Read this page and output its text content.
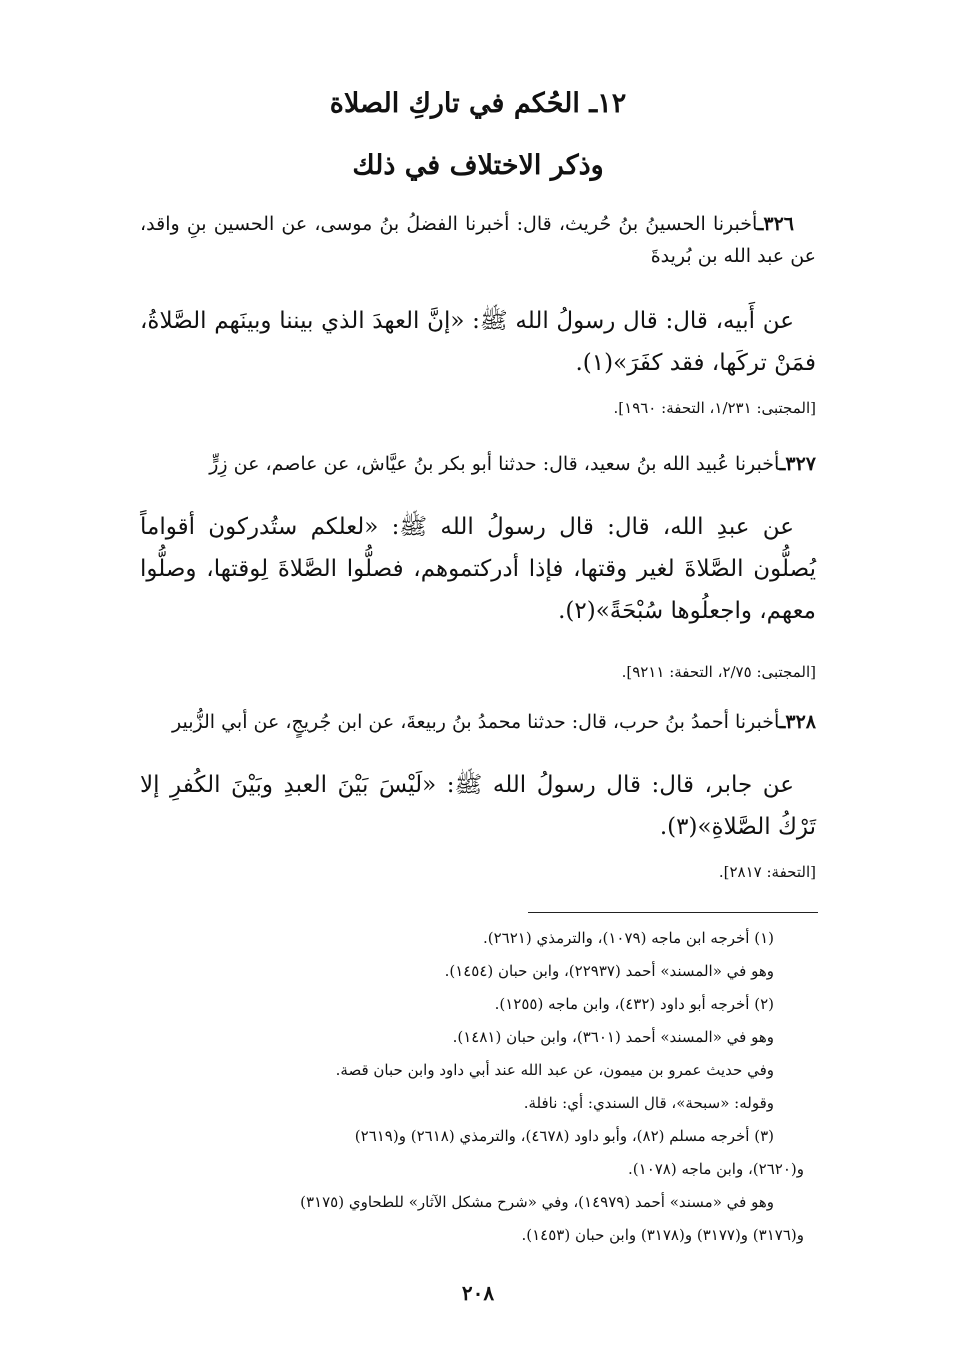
١٢ـ الحُكم في تاركِ الصلاة
وذكر الاختلاف في ذلك
٣٢٦ـأخبرنا الحسينُ بنُ حُريث، قال: أخبرنا الفضلُ بنُ موسى، عن الحسين بنِ واقد، عن عبد الله بن بُريدةَ
عن أَبيه، قال: قال رسولُ الله ﷺ: «إنَّ العهدَ الذي بيننا وبينَهم الصَّلاةُ، فمَنْ تركَها، فقد كفَرَ»(١).
[المجتبى: ١/٢٣١، التحفة: ١٩٦٠].
٣٢٧ـأخبرنا عُبيد الله بنُ سعيد، قال: حدثنا أبو بكر بنُ عيَّاش، عن عاصم، عن زِرٍّ
عن عبدِ الله، قال: قال رسولُ الله ﷺ: «لعلكم ستُدركون أقواماً يُصلُّون الصَّلاةَ لغير وقتها، فإذا أدركتموهم، فصلُّوا الصَّلاةَ لِوقتها، وصلُّوا معهم، واجعلُوها سُبْحَةً»(٢).
[المجتبى: ٢/٧٥، التحفة: ٩٢١١].
٣٢٨ـأخبرنا أحمدُ بنُ حرب، قال: حدثنا محمدُ بنُ ربيعةَ، عن ابن جُريجٍ، عن أبي الزُّبير
عن جابر، قال: قال رسولُ الله ﷺ: «لَيْسَ بَيْنَ العبدِ وبَيْنَ الكُفرِ إلا تَرْكُ الصَّلاةِ»(٣).
[التحفة: ٢٨١٧].
(١) أخرجه ابن ماجه (١٠٧٩)، والترمذي (٢٦٢١).
وهو في «المسند» أحمد (٢٢٩٣٧)، وابن حبان (١٤٥٤).
(٢) أخرجه أبو داود (٤٣٢)، وابن ماجه (١٢٥٥).
وهو في «المسند» أحمد (٣٦٠١)، وابن حبان (١٤٨١).
وفي حديث عمرو بن ميمون، عن عبد الله عند أبي داود وابن حبان قصة.
وقوله: «سبحة»، قال السندي: أي: نافلة.
(٣) أخرجه مسلم (٨٢)، وأبو داود (٤٦٧٨)، والترمذي (٢٦١٨) و(٢٦١٩)
و(٢٦٢٠)، وابن ماجه (١٠٧٨).
وهو في «مسند» أحمد (١٤٩٧٩)، وفي «شرح مشكل الآثار» للطحاوي (٣١٧٥)
و(٣١٧٦) و(٣١٧٧) و(٣١٧٨) وابن حبان (١٤٥٣).
٢٠٨
